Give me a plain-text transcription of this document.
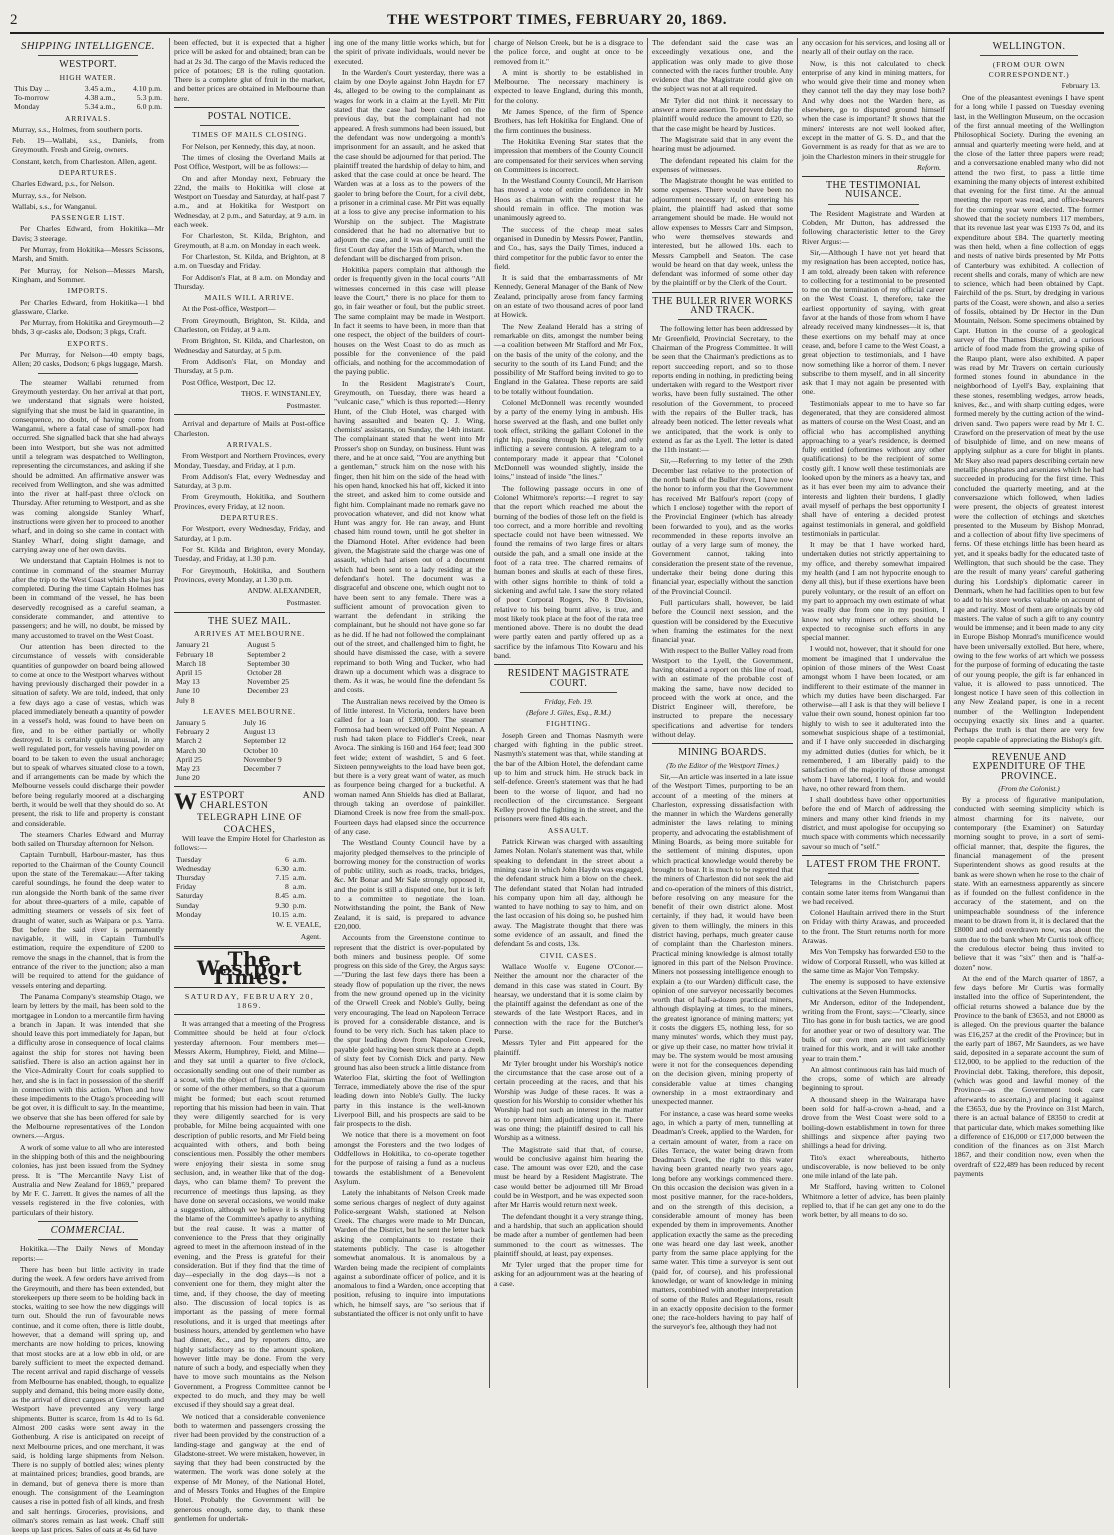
2	THE WESTPORT TIMES, FEBRUARY 20, 1869.
SHIPPING INTELLIGENCE.
WESTPORT.
HIGH WATER.
This Day ...	3.45 a.m.,	4.10 p.m.
To-morrow	4.38 a.m.,	5.3 p.m.
Monday	5.34 a.m.,	6.0 p.m.
ARRIVALS.

Murray, s.s., Holmes, from southern ports.

Feb. 19—Wallabi, s.s., Daniels, from Greymouth. Fresh and Greig, owners.

Constant, ketch, from Charleston. Allen, agent.

DEPARTURES.

Charles Edward, p.s., for Nelson.

Murray, s.s., for Nelson.

Wallabi, s.s., for Wanganui.

PASSENGER LIST.

Per Charles Edward, from Hokitika—Mr Davis; 3 steerage.

Per Murray, from Hokitika—Messrs Scissons, Marsh, and Smith.

Per Murray, for Nelson—Messrs Marsh, Kingham, and Sommer.

IMPORTS.

Per Charles Edward, from Hokitika—1 bhd glassware, Clarke.

Per Murray, from Hokitika and Greymouth—2 bhds, 3 qr-casks ale, Dodson; 3 pkgs, Craft.

EXPORTS.

Per Murray, for Nelson—40 empty bags, Allen; 20 casks, Dodson; 6 pkgs luggage, Marsh.

The steamer Wallabi returned from Greymouth yesterday. On her arrival at that port, we understand that signals were hoisted, signifying that she must be laid in quarantine, in consequence, no doubt, of having come from Wanganui, where a fatal case of small-pox had occurred. She signalled back that she had always been into Westport, but she was not admitted until a telegram was despatched to Wellington, representing the circumstances, and asking if she should be admitted. An affirmative answer was received from Wellington, and she was admitted into the river at half-past three o'clock on Thursday. After returning to Westport, and as she was coming alongside Stanley Wharf, instructions were given her to proceed to another wharf, and in doing so she came in contact with Stanley Wharf, doing slight damage, and carrying away one of her own davits.

We understand that Captain Holmes is not to continue in command of the steamer Murray after the trip to the West Coast which she has just completed. During the time Captain Holmes has been in command of the vessel, he has been deservedly recognised as a careful seaman, a considerate commander, and attentive to passengers; and he will, no doubt, be missed by many accustomed to travel on the West Coast.

Our attention has been directed to the circumstance of vessels with considerable quantities of gunpowder on board being allowed to come at once to the Westport wharves without having previously discharged their powder in a situation of safety. We are told, indeed, that only a few days ago a case of vestas, which was placed immediately beneath a quantity of powder in a vessel's hold, was found to have been on fire, and to be either partially or wholly destroyed. It is certainly quite unusual, in any well regulated port, for vessels having powder on board to be taken to even the usual anchorage; but to speak of wharves situated close to a town, and if arrangements can be made by which the Melbourne vessels could discharge their powder before being regularly moored at a discharging berth, it would be well that they should do so. At present, the risk to life and property is constant and considerable.

The steamers Charles Edward and Murray both sailed on Thursday afternoon for Nelson.

Captain Turnbull, Harbour-master, has thus reported to the Chairman of the County Council upon the state of the Teremakau:—After taking careful soundings, he found the deep water to run alongside the North bank of the same river for about three-quarters of a mile, capable of admitting steamers or vessels of six feet of draught of water, such as Waipara or p.s. Yarra. But before the said river is permanently navigable, it will, in Captain Turnbull's estimation, require the expenditure of £200 to remove the snags in the channel, that is from the entrance of the river to the junction; also a man will be required to attend for the guidance of vessels entering and departing.

The Panama Company's steamship Otago, we learn by letters by the mail, has been sold to the mortgagee in London to a mercantile firm having a branch in Japan. It was intended that she should leave this port immediately for Japan, but a difficulty arose in consequence of local claims against the ship for stores not having been satisfied. There is also an action against her in the Vice-Admiralty Court for coals supplied to her, and she is in fact in possession of the sheriff in connection with this action. When and how these impediments to the Otago's proceeding will be got over, it is difficult to say. In the meantime, we observe that she has been offered for sale by the Melbourne representatives of the London owners.—Argus.

A work of some value to all who are interested in the shipping both of this and the neighbouring colonies, has just been issued from the Sydney press. It is "The Mercantile Navy List of Australia and New Zealand for 1869," prepared by Mr F. C. Jarrett. It gives the names of all the vessels registered in the five colonies, with particulars of their history.

COMMERCIAL.

Hokitika.—The Daily News of Monday reports:—

There has been but little activity in trade during the week. A few orders have arrived from the Greymouth, and there has been extended, but storekeepers up there seem to be holding back in stocks, waiting to see how the new diggings will turn out. Should the run of favourable news continue, and it come often, there is little doubt, however, that a demand will spring up, and merchants are now holding to prices, knowing that most stocks are at a low ebb in old, or are barely sufficient to meet the expected demand. The recent arrival and rapid discharge of vessels from Melbourne has enabled, though, to equalize supply and demand, this being more easily done, as the arrival of direct cargoes at Greymouth and Westport have prevented any very large shipments. Butter is scarce, from 1s 4d to 1s 6d. Almost 200 casks were sent away in the Gothenburg. A rise is anticipated on receipt of next Melbourne prices, and one merchant, it was said, is holding large shipments from Nelson. There is no supply of bottled ales; wines plenty at maintained prices; brandies, good brands, are in demand, but of geneva there is more than enough. The consignment of the Leamington causes a rise in potted fish of all kinds, and fresh and salt herrings. Groceries, provisions, and oilman's stores remain as last week. Chaff still keeps up last prices. Sales of oats at 4s 6d have

been effected, but it is expected that a higher price will be asked for and obtained; bran can be had at 2s 3d. The cargo of the Mavis reduced the price of potatoes; £8 is the ruling quotation. There is a complete glut of fruit in the market, and better prices are obtained in Melbourne than here.

POSTAL NOTICE.
TIMES OF MAILS CLOSING.

For Nelson, per Kennedy, this day, at noon.

The times of closing the Overland Mails at Post Office, Westport, will be as follows:—

On and after Monday next, February the 22nd, the mails to Hokitika will close at Westport on Tuesday and Saturday, at half-past 7 a.m., and at Hokitika for Westport on Wednesday, at 2 p.m., and Saturday, at 9 a.m. in each week.

For Charleston, St. Kilda, Brighton, and Greymouth, at 8 a.m. on Monday in each week.

For Charleston, St. Kilda, and Brighton, at 8 a.m. on Tuesday and Friday.

For Addison's Flat, at 8 a.m. on Monday and Thursday.

MAILS WILL ARRIVE.

At the Post-office, Westport—

From Greymouth, Brighton, St. Kilda, and Charleston, on Friday, at 9 a.m.

From Brighton, St. Kilda, and Charleston, on Wednesday and Saturday, at 5 p.m.

From Addison's Flat, on Monday and Thursday, at 5 p.m.

Post Office, Westport, Dec 12.

THOS. F. WINSTANLEY,
Postmaster.

Arrival and departure of Mails at Post-office Charleston.

ARRIVALS.

From Westport and Northern Provinces, every Monday, Tuesday, and Friday, at 1 p.m.

From Addison's Flat, every Wednesday and Saturday, at 3 p.m.

From Greymouth, Hokitika, and Southern Provinces, every Friday, at 12 noon.

DEPARTURES.

For Westport, every Wednesday, Friday, and Saturday, at 1 p.m.

For St. Kilda and Brighton, every Monday, Tuesday, and Friday, at 1.30 p.m.

For Greymouth, Hokitika, and Southern Provinces, every Monday, at 1.30 p.m.

ANDW. ALEXANDER,
Postmaster.
THE SUEZ MAIL.
ARRIVES AT MELBOURNE.
January 21	August 5
February 18	September 2
March 18	September 30
April 15	October 28
May 13	November 25
June 10	December 23
July 8	
LEAVES MELBOURNE.
January 5	July 16
February 2	August 13
March 2	September 12
March 30	October 10
April 25	November 9
May 23	December 7
June 20	
WESTPORT AND CHARLESTON
TELEGRAPH LINE OF
COACHES,

Will leave the Empire Hotel for Charleston as follows:—

Tuesday	6	a.m.
Wednesday	6.30	a.m.
Thursday	7.15	a.m.
Friday	8	a.m.
Saturday	8.45	a.m.
Sunday	9.30	p.m.
Monday	10.15	a.m.
W. E. VEALE,
Agent.
The Westport Times.
SATURDAY, FEBRUARY 20, 1869.

It was arranged that a meeting of the Progress Committee should be held at four o'clock yesterday afternoon. Four members met—Messrs Akerm, Humphrey, Field, and Milne—and they sat until a quarter to five o'clock, occasionally sending out one of their number as a scout, with the object of finding the Chairman or some of the other members, so that a quorum might be formed; but each scout returned reporting that his mission had been in vain. That they were diligently searched for is very probable, for Milne being acquainted with one description of public resorts, and Mr Field being acquainted with others, and both being conscientious men. Possibly the other members were enjoying their siesta in some snug seclusion, and, in weather like that of the dog-days, who can blame them? To prevent the recurrence of meetings thus lapsing, as they have done on several occasions, we would make a suggestion, although we believe it is shifting the blame of the Committee's apathy to anything but the real cause. It was a matter of convenience to the Press that they originally agreed to meet in the afternoon instead of in the evening, and the Press is grateful for their consideration. But if they find that the time of day—especially in the dog days—is not a convenient one for them, they might alter the time, and, if they choose, the day of meeting also. The discussion of local topics is as important as the passing of mere formal resolutions, and it is urged that meetings after business hours, attended by gentlemen who have had dinner, &c., and by reporters ditto, are highly satisfactory as to the amount spoken, however little may be done. From the very nature of such a body, and especially when they have to move such mountains as the Nelson Government, a Progress Committee cannot be expected to do much, and they may be well excused if they should say a great deal.

We noticed that a considerable convenience both to watermen and passengers crossing the river had been provided by the construction of a landing-stage and gangway at the end of Gladstone-street. We were mistaken, however, in saying that they had been constructed by the watermen. The work was done solely at the expense of Mr Money, of the National Hotel, and of Messrs Tonks and Hughes of the Empire Hotel. Probably the Government will be generous enough, some day, to thank these gentlemen for undertak-

ing one of the many little works which, but for the spirit of private individuals, would never be executed.

In the Warden's Court yesterday, there was a claim by one Doyle against John Haydn for £7 4s, alleged to be owing to the complainant as wages for work in a claim at the Lyell. Mr Pitt stated that the case had been called on the previous day, but the complainant had not appeared. A fresh summons had been issued, but the defendant was now undergoing a month's imprisonment for an assault, and he asked that the case should be adjourned for that period. The plaintiff treated the hardship of delay to him, and asked that the case could at once be heard. The Warden was at a loss as to the powers of the gaoler to bring before the Court, for a civil debt, a prisoner in a criminal case. Mr Pitt was equally at a loss to give any precise information to his Worship on the subject. The Magistrate considered that he had no alternative but to adjourn the case, and it was adjourned until the first Court day after the 15th of March, when the defendant will be discharged from prison.

Hokitika papers complain that although the order is frequently given in the local courts "All witnesses concerned in this case will please leave the Court," there is no place for them to go, in fair weather or foul, but the public street. The same complaint may be made in Westport. In fact it seems to have been, in more than that one respect, the object of the builders of court-houses on the West Coast to do as much as possible for the convenience of the paid officials, and nothing for the accommodation of the paying public.

In the Resident Magistrate's Court, Greymouth, on Tuesday, there was heard a "vulcanic case," which is thus reported:—Henry Hunt, of the Club Hotel, was charged with having assaulted and beaten Q. J. Wing, chemists' assistants, on Sunday, the 14th instant. The complainant stated that he went into Mr Prosser's shop on Sunday, on business. Hunt was there, and he at once said, "You are anything but a gentleman," struck him on the nose with his finger, then hit him on the side of the head with his open hand, knocked his hat off, kicked it into the street, and asked him to come outside and fight him. Complainant made no remark gave no provocation whatever, and did not know what Hunt was angry for. He ran away, and Hunt chased him round town, until he got shelter in the Diamond Hotel. After evidence had been given, the Magistrate said the charge was one of assault, which had arisen out of a document which had been sent to a lady residing at the defendant's hotel. The document was a disgraceful and obscene one, which ought not to have been sent to any female. There was a sufficient amount of provocation given to warrant the defendant in striking the complainant, but he should not have gone so far as he did. If he had not followed the complainant out of the street, and challenged him to fight, he should have dismissed the case, with a severe reprimand to both Wing and Tucker, who had drawn up a document which was a disgrace to them. As it was, he would fine the defendant 5s and costs.

The Australian news received by the Omeo is of little interest. In Victoria, tenders have been called for a loan of £300,000. The steamer Formosa had been wrecked off Point Nepean. A rush had taken place to Fiddler's Creek, near Avoca. The sinking is 160 and 164 feet; lead 300 feet wide; extent of washdirt, 5 and 6 feet. Sixteen pennyweights to the load have been got, but there is a very great want of water, as much as fourpence being charged for a bucketful. A woman named Ann Shields has died at Ballarat, through taking an overdose of painkiller. Diamond Creek is now free from the small-pox. Fourteen days had elapsed since the occurrence of any case.

The Westland County Council have by a majority pledged themselves to the principle of borrowing money for the construction of works of public utility, such as roads, tracks, bridges, &c. Mr Bonar and Mr Sale strongly opposed it, and the point is still a disputed one, but it is left to a committee to negotiate the loan. Notwithstanding the point, the Bank of New Zealand, it is said, is prepared to advance £20,000.

Accounts from the Greenstone continue to represent that the district is over-populated by both miners and business people. Of some progress on this side of the Grey, the Argus says:—"During the last few days there has been a steady flow of population up the river, the news from the new ground opened up in the vicinity of the Orwell Creek and Noble's Gully, being very encouraging. The lead on Napoleon Terrace is proved for a considerable distance, and is found to be very rich. Such has taken place to the spur leading down from Napoleon Creek, payable gold having been struck there at a depth of sixty feet by Cornish Dick and party. New ground has also been struck a little distance from Waterloo Flat, skirting the foot of Wellington Terrace, immediately above the rise of the spur leading down into Noble's Gully. The lucky party in this instance is the well-known Liverpool Bill, and his prospects are said to be fair prospects to the dish.

We notice that there is a movement on foot amongst the Foresters and the two lodges of Oddfellows in Hokitika, to co-operate together for the purpose of raising a fund as a nucleus towards the establishment of a Benevolent Asylum.

Lately the inhabitants of Nelson Creek made some serious charges of neglect of duty against Police-sergeant Walsh, stationed at Nelson Creek. The charges were made to Mr Duncan, Warden of the District, but he sent the letter back asking the complainants to restate their statements publicly. The case is altogether somewhat anomalous. It is anomalous by a Warden being made the recipient of complaints against a subordinate officer of police, and it is anomalous to find a Warden, once accepting that position, refusing to inquire into imputations which, he himself says, are "so serious that if substantiated the officer is not only unfit to have

charge of Nelson Creek, but he is a disgrace to the police force, and ought at once to be removed from it."

A mint is shortly to be established in Melbourne. The necessary machinery is expected to leave England, during this month, for the colony.

Mr James Spence, of the firm of Spence Brothers, has left Hokitika for England. One of the firm continues the business.

The Hokitika Evening Star states that the impression that members of the County Council are compensated for their services when serving on Committees is incorrect.

In the Westland County Council, Mr Harrison has moved a vote of entire confidence in Mr Hoos as chairman with the request that he should remain in office. The motion was unanimously agreed to.

The success of the cheap meat sales organised in Dunedin by Messrs Power, Pantlin, and Co., has, says the Daily Times, induced a third competitor for the public favor to enter the field.

It is said that the embarrassments of Mr Kennedy, General Manager of the Bank of New Zealand, principally arose from fancy farming on an estate of two thousand acres of poor land at Howick.

The New Zealand Herald has a string of remarkable on dits, amongst the number being —a coalition between Mr Stafford and Mr Fox, on the basis of the unity of the colony, and the security to the south of its Land Fund; and the possibility of Mr Stafford being invited to go to England in the Galatea. These reports are said to be totally without foundation.

Colonel McDonnell was recently wounded by a party of the enemy lying in ambush. His horse swerved at the flash, and one bullet only took effect, striking the gallant Colonel in the right hip, passing through his gaiter, and only inflicting a severe contusion. A telegram to a contemporary made it appear that "Colonel McDonnell was wounded slightly, inside the loins," instead of inside "the lines."

The following passage occurs in one of Colonel Whitmore's reports:—I regret to say that the report which reached me about the burning of the bodies of those left on the field is too correct, and a more horrible and revolting spectacle could not have been witnessed. We found the remains of two large fires or altars outside the pah, and a small one inside at the foot of a rata tree. The charred remains of human bones and skulls at each of these fires, with other signs horrible to think of told a sickening and awful tale. I saw the story related of poor Corporal Rogers, No 8 Division, relative to his being burnt alive, is true, and most likely took place at the foot of the rata tree mentioned above. There is no doubt the dead were partly eaten and partly offered up as a sacrifice by the infamous Tito Kowaru and his band.

RESIDENT MAGISTRATE COURT.
Friday, Feb. 19.
(Before J. Giles, Esq., R.M.)
FIGHTING.

Joseph Green and Thomas Nasmyth were charged with fighting in the public street. Nasmyth's statement was that, while standing at the bar of the Albion Hotel, the defendant came up to him and struck him. He struck back in self-defence. Green's statement was that he had been to the worse of liquor, and had no recollection of the circumstance. Sergeant Kelley proved the fighting in the street, and the prisoners were fined 40s each.

ASSAULT.

Patrick Kirwan was charged with assaulting James Nolan. Nolan's statement was that, while speaking to defendant in the street about a mining case in which John Haydn was engaged, the defendant struck him a blow on the cheek. The defendant stated that Nolan had intruded his company upon him all day, although he wanted to have nothing to say to him, and on the last occasion of his doing so, he pushed him away. The Magistrate thought that there was some evidence of an assault, and fined the defendant 5s and costs, 13s.

CIVIL CASES.

Wallace Woolfe v. Eugene O'Conor.—Neither the amount nor the character of the demand in this case was stated in Court. By hearsay, we understand that it is some claim by the plaintiff against the defendant as one of the stewards of the late Westport Races, and in connection with the race for the Butcher's Purse.

Messrs Tyler and Pitt appeared for the plaintiff.

Mr Tyler brought under his Worship's notice the circumstance that the case arose out of a certain proceeding at the races, and that his Worship was Judge of these races. It was a question for his Worship to consider whether his Worship had not such an interest in the matter as to prevent him adjudicating upon it. There was one thing; the plaintiff desired to call his Worship as a witness.

The Magistrate said that that, of course, would be conclusive against him hearing the case. The amount was over £20, and the case must be heard by a Resident Magistrate. The case would better be adjourned till Mr Broad could be in Westport, and he was expected soon after Mr Harris would return next week.

The defendant thought it a very strange thing, and a hardship, that such an application should be made after a number of gentlemen had been summoned to the court as witnesses. The plaintiff should, at least, pay expenses.

Mr Tyler urged that the proper time for asking for an adjournment was at the hearing of a case.

The defendant said the case was an exceedingly vexatious one, and the application was only made to give those connected with the races further trouble. Any evidence that the Magistrate could give on the subject was not at all required.

Mr Tyler did not think it necessary to answer a mere assertion. To prevent delay the plaintiff would reduce the amount to £20, so that the case might be heard by Justices.

The Magistrate said that in any event the hearing must be adjourned.

The defendant repeated his claim for the expenses of witnesses.

The Magistrate thought he was entitled to some expenses. There would have been no adjournment necessary if, on entering his plaint, the plaintiff had asked that some arrangement should be made. He would not allow expenses to Messrs Carr and Simpson, who were themselves stewards and interested, but he allowed 10s. each to Messrs Campbell and Seaton. The case would be heard on that day week, unless the defendant was informed of some other day by the plaintiff or by the Clerk of the Court.

THE BULLER RIVER WORKS AND TRACK.

The following letter has been addressed by Mr Greenfield, Provincial Secretary, to the Chairman of the Progress Committee. It will be seen that the Chairman's predictions as to report succeeding report, and so to those reports ending in nothing, in predicting being undertaken with regard to the Westport river works, have been fully sustained. The other resolution of the Government, to proceed with the repairs of the Buller track, has already been noticed. The letter reveals what we anticipated, that the work is only to extend as far as the Lyell. The letter is dated the 11th instant:—

Sir,—Referring to my letter of the 29th December last relative to the protection of the north bank of the Buller river, I have now the honor to inform you that the Government has received Mr Balfour's report (copy of which I enclose) together with the report of the Provincial Engineer (which has already been forwarded to you), and as the works recommended in these reports involve an outlay of a very large sum of money, the Government cannot, taking into consideration the present state of the revenue, undertake their being done during this financial year, especially without the sanction of the Provincial Council.

Full particulars shall, however, be laid before the Council next session, and the question will be considered by the Executive when framing the estimates for the next financial year.

With respect to the Buller Valley road from Westport to the Lyell, the Government, having obtained a report on this line of road, with an estimate of the probable cost of making the same, have now decided to proceed with the work at once, and the District Engineer will, therefore, be instructed to prepare the necessary specifications and advertise for tenders without delay.

MINING BOARDS.
(To the Editor of the Westport Times.)

Sir,—An article was inserted in a late issue of the Westport Times, purporting to be an account of a meeting of the miners at Charleston, expressing dissatisfaction with the manner in which the Wardens generally administer the laws relating to mining property, and advocating the establishment of Mining Boards, as being more suitable for the settlement of mining disputes, upon which practical knowledge would thereby be brought to bear. It is much to be regretted that the miners of Charleston did not seek the aid and co-operation of the miners of this district, before resolving on any measure for the benefit of their own district alone. Most certainly, if they had, it would have been given to them willingly, the miners in this district having, perhaps, much greater cause of complaint than the Charleston miners. Practical mining knowledge is almost totally ignored in this part of the Nelson Province. Miners not possessing intelligence enough to explain a (to our Warden) difficult case, the opinion of one surveyor necessarily becomes worth that of half-a-dozen practical miners, although displaying at times, to the miners, the greatest ignorance of mining matters; yet it costs the diggers £5, nothing less, for so many minutes' words, which they must pay, or give up their case, no matter how trivial it may be. The system would be most amusing were it not for the consequences depending on the decision given, mining property of considerable value at times changing ownership in a most extraordinary and unexpected manner.

For instance, a case was heard some weeks ago, in which a party of men, tunnelling at Deadman's Creek, applied to the Warden, for a certain amount of water, from a race on Giles Terrace, the water being drawn from Deadman's Creek, the right to this water having been granted nearly two years ago, long before any workings commenced there. On this occasion the decision was given in a most positive manner, for the race-holders, and on the strength of this decision, a considerable amount of money has been expended by them in improvements. Another application exactly the same as the preceding one was heard one day last week, another party from the same place applying for the same water. This time a surveyor is sent out (paid for, of course), and his professional knowledge, or want of knowledge in mining matters, combined with another interpretation of some of the Rules and Regulations, result in an exactly opposite decision to the former one; the race-holders having to pay half of the surveyor's fee, although they had not

any occasion for his services, and losing all or nearly all of their outlay on the race.

Now, is this not calculated to check enterprise of any kind in mining matters, for who would give their time and money when they cannot tell the day they may lose both? And why does not the Warden here, as elsewhere, go to disputed ground himself when the case is important? It shows that the miners' interests are not well looked after, except in the matter of G. S. D., and that the Government is as ready for that as we are to join the Charleston miners in their struggle for

Reform.
THE TESTIMONIAL NUISANCE.

The Resident Magistrate and Warden at Cobden, Mr Dutton, has addressed the following characteristic letter to the Grey River Argus:—

Sir,—Although I have not yet heard that my resignation has been accepted, notice has, I am told, already been taken with reference to collecting for a testimonial to be presented to me on the termination of my official career on the West Coast. I, therefore, take the earliest opportunity of saying, with great favor at the hands of those from whom I have already received many kindnesses—it is, that these exertions on my behalf may at once cease, and, before I came to the West Coast, a great objection to testimonials, and I have now something like a horror of them. I never subscribe to them myself, and in all sincerity ask that I may not again be presented with one.

Testimonials appear to me to have so far degenerated, that they are considered almost as matters of course on the West Coast, and an official who has accomplished anything approaching to a year's residence, is deemed fully entitled (oftentimes without any other qualifications) to be the recipient of some costly gift. I know well these testimonials are looked upon by the miners as a heavy tax, and as it has ever been my aim to advance their interests and lighten their burdens, I gladly avail myself of perhaps the best opportunity I shall have of entering a decided protest against testimonials in general, and goldfield testimonials in particular.

It may be that I have worked hard, undertaken duties not strictly appertaining to my office, and thereby somewhat impaired my health (and I am not hypocrite enough to deny all this), but if these exertions have been purely voluntary, or the result of an effort on my part to approach my own estimate of what was really due from one in my position, I know not why miners or others should be expected to recognise such efforts in any special manner.

I would not, however, that it should for one moment be imagined that I undervalue the opinion of those miners of the West Coast amongst whom I have been located, or am indifferent to their estimate of the manner in which my duties have been discharged. Far otherwise—all I ask is that they will believe I value their own sound, honest opinion far too highly to wish to see it adulterated into the somewhat suspicious shape of a testimonial, and if I have only succeeded in discharging my admitted duties (duties for which, be it remembered, I am liberally paid) to the satisfaction of the majority of those amongst whom I have labored, I look for, and would have, no other reward from them.

I shall doubtless have other opportunities before the end of March of addressing the miners and many other kind friends in my district, and must apologise for occupying so much space with comments which necessarily savour so much of "self."

LATEST FROM THE FRONT.

Telegrams in the Christchurch papers contain some later items from Wanganui than we had received.

Colonel Haultain arrived there in the Sturt on Friday with thirty Arawas, and proceeded to the front. The Sturt returns north for more Arawas.

Mrs Von Tempsky has forwarded £50 to the widow of Corporal Russell, who was killed at the same time as Major Von Tempsky.

The enemy is supposed to have extensive cultivations at the Seven Hummocks.

Mr Anderson, editor of the Independent, writing from the Front, says:—"Clearly, since Tito has gone in for bush tactics, we are good for another year or two of desultory war. The bulk of our own men are not sufficiently trained for this work, and it will take another year to train them."

An almost continuous rain has laid much of the crops, some of which are already beginning to sprout.

A thousand sheep in the Wairarapa have been sold for half-a-crown a-head, and a drove from the West Coast were sold to a boiling-down establishment in town for three shillings and sixpence after paying two shillings a head for driving.

Tito's exact whereabouts, hitherto undiscoverable, is now believed to be only one mile inland of the late pah.

Mr Stafford, having written to Colonel Whitmore a letter of advice, has been plainly replied to, that if he can get any one to do the work better, by all means to do so.

WELLINGTON.
(FROM OUR OWN CORRESPONDENT.)
February 13.

One of the pleasantest evenings I have spent for a long while I passed on Tuesday evening last, in the Wellington Museum, on the occasion of the first annual meeting of the Wellington Philosophical Society. During the evening an annual and quarterly meeting were held, and at the close of the latter three papers were read; and a conversazione enabled many who did not attend the two first, to pass a little time examining the many objects of interest exhibited that evening for the first time. At the annual meeting the report was read, and office-bearers for the coming year were elected. The former showed that the society numbers 117 members, that its revenue last year was £193 7s 0d, and its expenditure about £84. The quarterly meeting was then held, when a fine collection of eggs and nests of native birds presented by Mr Potts of Canterbury was exhibited. A collection of recent shells and corals, many of which are new to science, which had been obtained by Capt. Fairchild of the ps. Sturt, by dredging in various parts of the Coast, were shown, and also a series of fossils, obtained by Dr Hector in the Dun Mountain, Nelson. Some specimens obtained by Capt. Hutton in the course of a geological survey of the Thames District, and a curious article of food made from the growing spike of the Raupo plant, were also exhibited. A paper was read by Mr Travers on certain curiously formed stones found in abundance in the neighborhood of Lyell's Bay, explaining that these stones, resembling wedges, arrow heads, knives, &c., and with sharp cutting edges, were formed merely by the cutting action of the wind-driven sand. Two papers were read by Mr I. C. Crawford on the preservation of meat by the use of bisulphide of lime, and on new means of applying sulphur as a cure for blight in plants. Mr Skey also read papers describing certain new metallic phosphates and arseniates which he had succeeded in producing for the first time. This concluded the quarterly meeting, and at the conversazione which followed, when ladies were present, the objects of greatest interest were the collection of etchings and sketches presented to the Museum by Bishop Monrad, and a collection of about fifty live specimens of ferns. Of these etchings little has been heard as yet, and it speaks badly for the educated taste of Wellington, that such should be the case. They are the result of many years' careful gathering during his Lordship's diplomatic career in Denmark, when he had facilities open to but few to add to his store works valuable on account of age and rarity. Most of them are originals by old masters. The value of such a gift to any country would be immense; and it been made to any city in Europe Bishop Monrad's munificence would have been universally extolled. But here, where, owing to the few works of art which we possess for the purpose of forming of educating the taste of our young people, the gift is far enhanced in value, it is allowed to pass unnoticed. The longest notice I have seen of this collection in any New Zealand paper, is one in a recent number of the Wellington Independent occupying exactly six lines and a quarter. Perhaps the truth is that there are very few people capable of appreciating the Bishop's gift.

REVENUE AND EXPENDITURE OF THE PROVINCE.
(From the Colonist.)

By a process of figurative manipulation, conducted with seeming simplicity which is almost charming for its naivete, our contemporary (the Examiner) on Saturday morning sought to prove, in a sort of semi-official manner, that, despite the figures, the financial management of the present Superintendent shows as good results at the bank as were shown when he rose to the chair of state. With an earnestness apparently as sincere as if founded on the fullest confidence in the accuracy of the statement, and on the unimpeachable soundness of the inference meant to be drawn from it, it is declared that the £8000 and odd overdrawn now, was about the sum due to the bank when Mr Curtis took office; the credulous elector being thus invited to believe that it was "six" then and is "half-a-dozen" now.

At the end of the March quarter of 1867, a few days before Mr Curtis was formally installed into the office of Superintendent, the official returns showed a balance due by the Province to the bank of £3653, and not £8000 as is alleged. On the previous quarter the balance was £16,257 at the credit of the Province; but in the early part of 1867, Mr Saunders, as we have said, deposited in a separate account the sum of £12,000, to be applied to the reduction of the Provincial debt. Taking, therefore, this deposit, (which was good and lawful money of the Province—as the Government took care afterwards to ascertain,) and placing it against the £3653, due by the Province on 31st March, there is an actual balance of £8350 to credit at that particular date, which makes something like a difference of £16,000 or £17,000 between the condition of the finances as on 31st March 1867, and their condition now, even when the overdraft of £22,489 has been reduced by recent payments
